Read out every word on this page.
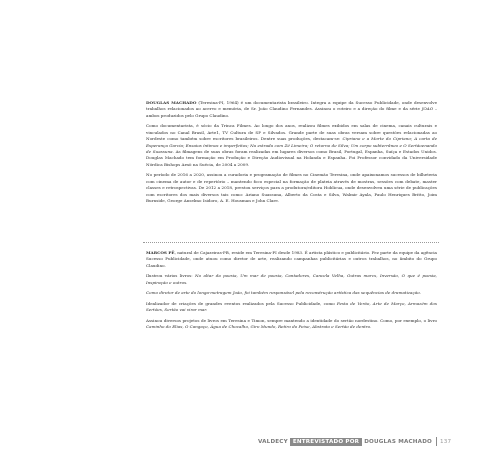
DOUGLAS MACHADO (Teresina-PI, 1964) é um documentarista brasileiro. Integra a equipe da Sucesso Publicidade, onde desenvolve trabalhos relacionados ao acervo e memória, de Sr. João Claudino Fernandes. Assinou o roteiro e a direção do filme e da série JOAO – ambos produzidos pelo Grupo Claudino.

Como documentarista, é sócio da Trinca Filmes. Ao longo dos anos, realizou filmes exibidos em salas de cinema, canais culturais e vinculados no Canal Brasil, Arte1, TV Cultura de SP e Silvados. Grande parte de suas obras versam sobre questões relacionadas ao Nordeste como também sobre escritores brasileiros. Dentre suas produções, destacam-se: Cipriano e a Morte do Cipriano; A carta de Esperança Garcia; Ensaios íntimos e imperfeitos; Na estrada com Zé Limeira; O retorno de Silva; Um corpo subterrâneo e O Sertãoenando de Suassuna. As filmagens de suas obras foram realizadas em lugares diversos como Brasil, Portugal, Espanha, Suíça e Estados Unidos. Douglas Machado tem formação em Produção e Direção Audiovisual na Holanda e Espanha. Foi Professor convidado da Universidade Nórdica Bishops Arnö na Suécia, de 2004 a 2009.

No período de 2016 a 2020, assinou a curadoria e programação de filmes no Cinemão Teresina, onde apaixonamos sucessos de bilheteria com cinema de autor e de repertório – mantendo foco especial na formação de plateia através de mostras, sessões com debate, master classes e retrospectivas. De 2012 a 2018, prestou serviços para a produtora/editora Hoblicua, onde desenvolveu uma série de publicações com escritores dos mais diversos tais como: Ariano Suassuna, Alberto da Costa e Silva, Walmir Ayala, Paulo Henriques Britto, Joim Burnside, George Anselmo Isidoro, A. E. Housman e John Clare.

MARCOS PÊ, natural de Cajazeiras-PB, reside em Teresina-PI desde 1983. É artista plástico e publicitário. Fez parte da equipe da agência Sucesso Publicidade, onde atuou como diretor de arte, realizando campanhas publicitárias e outros trabalhos, no âmbito do Grupo Claudino.

Ilustrou vários livros: No altar da poesia, Um mar de poesia, Cantadores, Cancela Velha, Outras marcs, Inversão, O que é poesia, Inspiração e outros.

Como diretor de arte do longa-metragem João, foi também responsável pela reconstrução artística das sequências de dramatização.

Idealizador de criações de grandes eventos realizados pela Sucesso Publicidade, como Festa de Verão, Arte de Março, Armazém dos Sertões, Sertão vai virar mar.

Assinou diversos projetos de livros em Teresina e Timon, sempre mantendo a identidade do sertão nordestino. Como, por exemplo, o livro Caminho do Elias, O Cangaço, Água de Chocalho, Giro Mundo, Retiro do Peixe, Abstrato e Sertão de dentro.

VALDECY ENTREVISTADO POR DOUGLAS MACHADO 137
